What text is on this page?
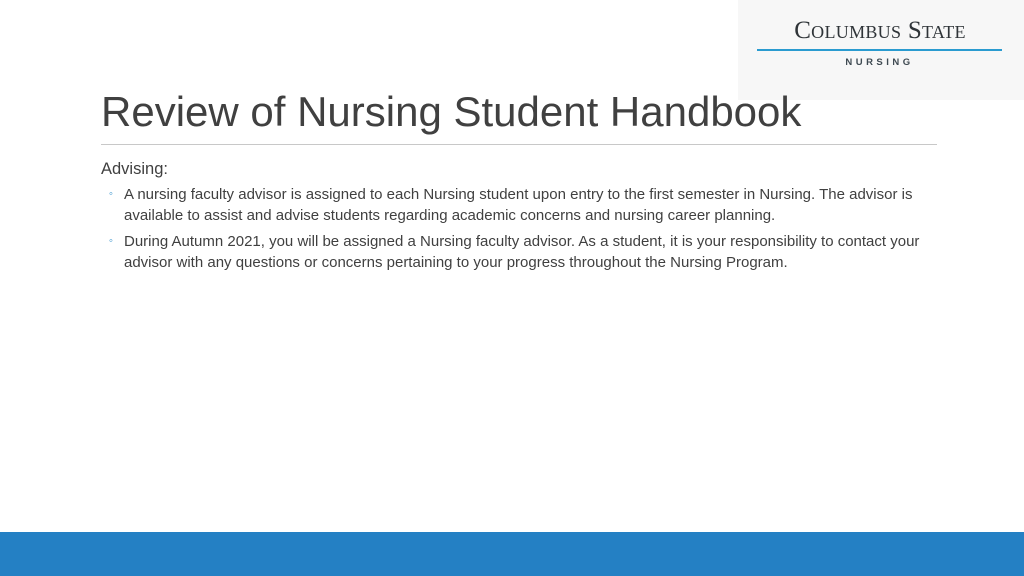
Columbus State
NURSING
Review of Nursing Student Handbook
Advising:
◦ A nursing faculty advisor is assigned to each Nursing student upon entry to the first semester in Nursing. The advisor is available to assist and advise students regarding academic concerns and nursing career planning.
◦ During Autumn 2021, you will be assigned a Nursing faculty advisor. As a student, it is your responsibility to contact your advisor with any questions or concerns pertaining to your progress throughout the Nursing Program.
